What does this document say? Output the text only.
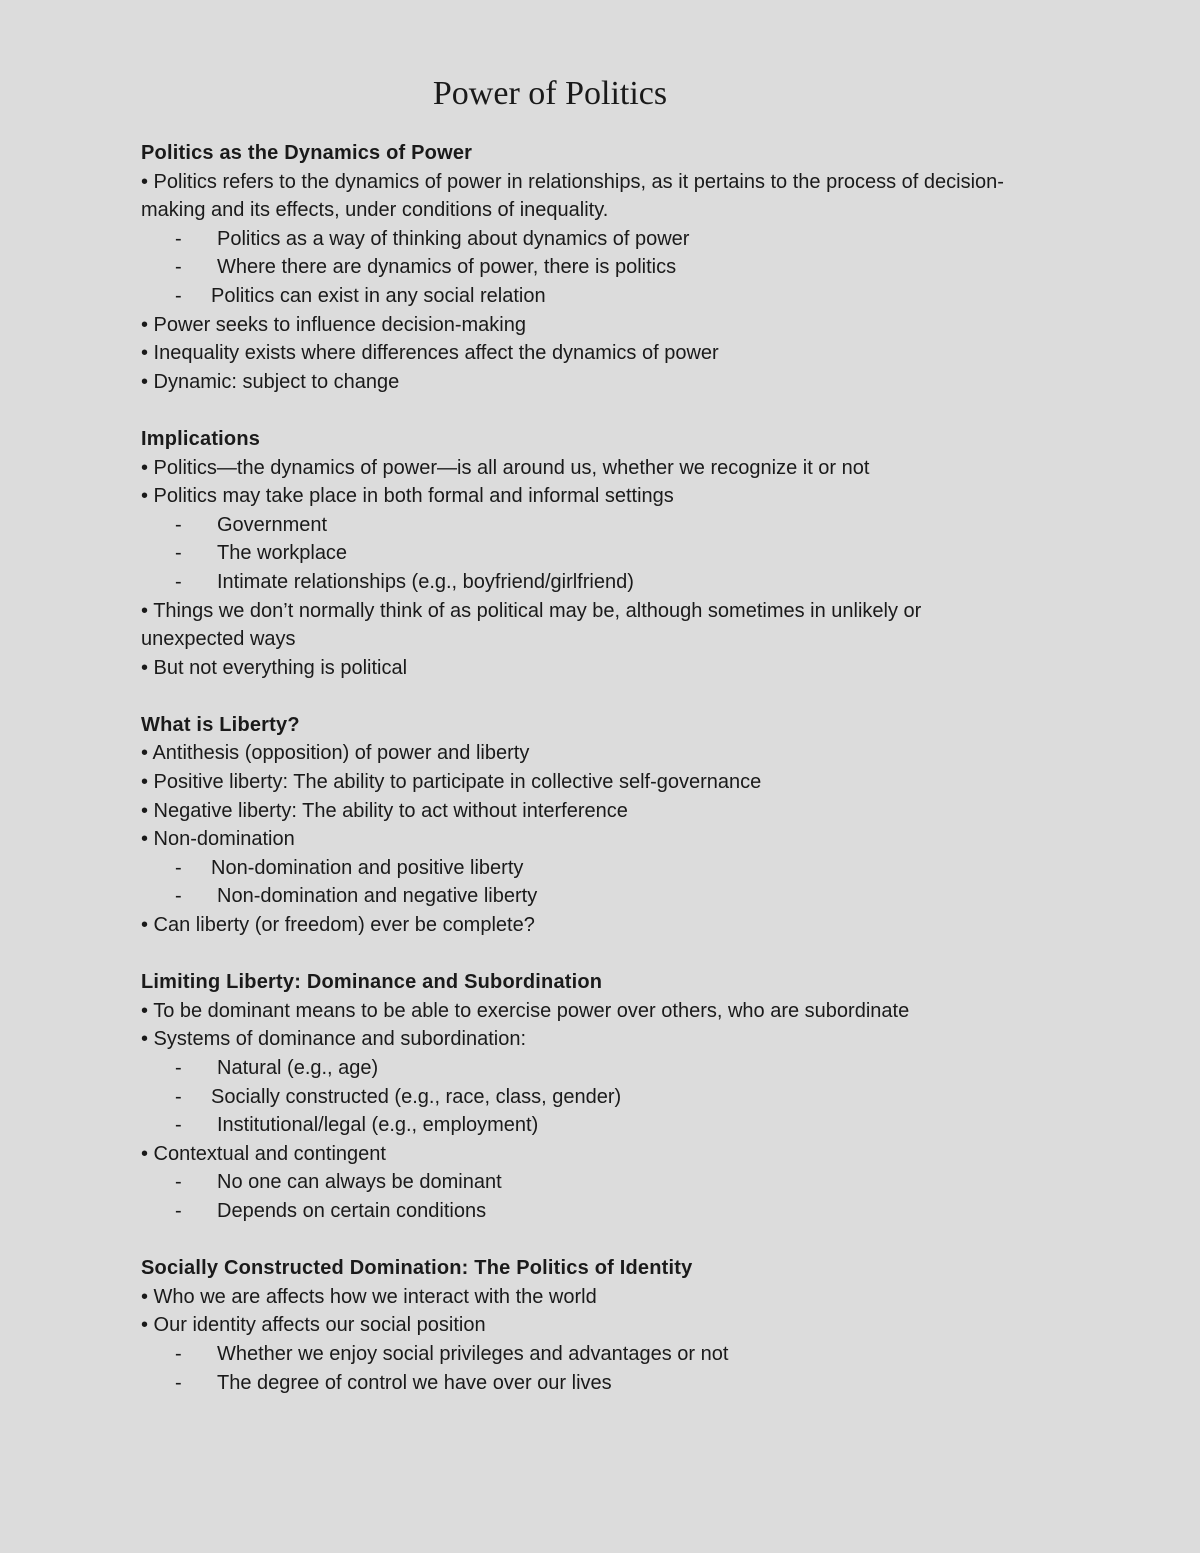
Power of Politics

Politics as the Dynamics of Power

• Politics refers to the dynamics of power in relationships, as it pertains to the process of decision-making and its effects, under conditions of inequality.

-	Politics as a way of thinking about dynamics of power
-	Where there are dynamics of power, there is politics
-	Politics can exist in any social relation

• Power seeks to influence decision-making

• Inequality exists where differences affect the dynamics of power

• Dynamic: subject to change

Implications

• Politics—the dynamics of power—is all around us, whether we recognize it or not

• Politics may take place in both formal and informal settings

-	Government
-	The workplace
-	Intimate relationships (e.g., boyfriend/girlfriend)

• Things we don’t normally think of as political may be, although sometimes in unlikely or unexpected ways

• But not everything is political

What is Liberty?

• Antithesis (opposition) of power and liberty

• Positive liberty: The ability to participate in collective self-governance

• Negative liberty: The ability to act without interference

• Non-domination

-	Non-domination and positive liberty
-	Non-domination and negative liberty

• Can liberty (or freedom) ever be complete?

Limiting Liberty: Dominance and Subordination

• To be dominant means to be able to exercise power over others, who are subordinate

• Systems of dominance and subordination:

-	Natural (e.g., age)
-	Socially constructed (e.g., race, class, gender)
-	Institutional/legal (e.g., employment)

• Contextual and contingent

-	No one can always be dominant
-	Depends on certain conditions

Socially Constructed Domination: The Politics of Identity

• Who we are affects how we interact with the world

• Our identity affects our social position

-	Whether we enjoy social privileges and advantages or not
-	The degree of control we have over our lives
